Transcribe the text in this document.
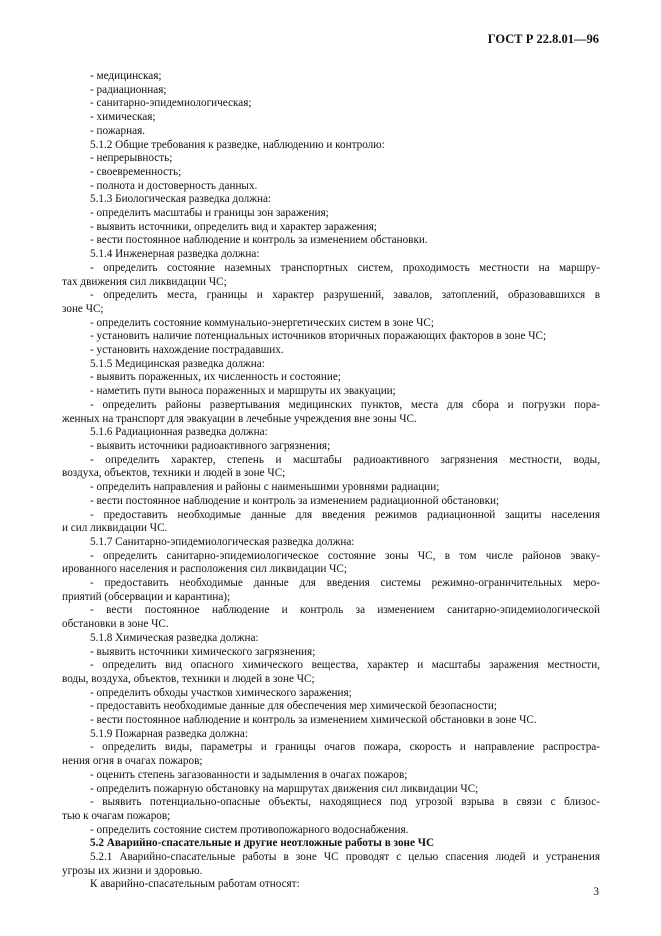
ГОСТ Р 22.8.01—96
- медицинская;
- радиационная;
- санитарно-эпидемиологическая;
- химическая;
- пожарная.
5.1.2 Общие требования к разведке, наблюдению и контролю:
- непрерывность;
- своевременность;
- полнота и достоверность данных.
5.1.3 Биологическая разведка должна:
- определить масштабы и границы зон заражения;
- выявить источники, определить вид и характер заражения;
- вести постоянное наблюдение и контроль за изменением обстановки.
5.1.4 Инженерная разведка должна:
- определить состояние наземных транспортных систем, проходимость местности на маршру-
тах движения сил ликвидации ЧС;
- определить места, границы и характер разрушений, завалов, затоплений, образовавшихся в
зоне ЧС;
- определить состояние коммунально-энергетических систем в зоне ЧС;
- установить наличие потенциальных источников вторичных поражающих факторов в зоне ЧС;
- установить нахождение пострадавших.
5.1.5 Медицинская разведка должна:
- выявить пораженных, их численность и состояние;
- наметить пути выноса пораженных и маршруты их эвакуации;
- определить районы развертывания медицинских пунктов, места для сбора и погрузки пора-
женных на транспорт для эвакуации в лечебные учреждения вне зоны ЧС.
5.1.6 Радиационная разведка должна:
- выявить источники радиоактивного загрязнения;
- определить характер, степень и масштабы радиоактивного загрязнения местности, воды,
воздуха, объектов, техники и людей в зоне ЧС;
- определить направления и районы с наименьшими уровнями радиации;
- вести постоянное наблюдение и контроль за изменением радиационной обстановки;
- предоставить необходимые данные для введения режимов радиационной защиты населения
и сил ликвидации ЧС.
5.1.7 Санитарно-эпидемиологическая разведка должна:
- определить санитарно-эпидемиологическое состояние зоны ЧС, в том числе районов эваку-
ированного населения и расположения сил ликвидации ЧС;
- предоставить необходимые данные для введения системы режимно-ограничительных меро-
приятий (обсервации и карантина);
- вести постоянное наблюдение и контроль за изменением санитарно-эпидемиологической
обстановки в зоне ЧС.
5.1.8 Химическая разведка должна:
- выявить источники химического загрязнения;
- определить вид опасного химического вещества, характер и масштабы заражения местности,
воды, воздуха, объектов, техники и людей в зоне ЧС;
- определить обходы участков химического заражения;
- предоставить необходимые данные для обеспечения мер химической безопасности;
- вести постоянное наблюдение и контроль за изменением химической обстановки в зоне ЧС.
5.1.9 Пожарная разведка должна:
- определить виды, параметры и границы очагов пожара, скорость и направление распростра-
нения огня в очагах пожаров;
- оценить степень загазованности и задымления в очагах пожаров;
- определить пожарную обстановку на маршрутах движения сил ликвидации ЧС;
- выявить потенциально-опасные объекты, находящиеся под угрозой взрыва в связи с близос-
тью к очагам пожаров;
- определить состояние систем противопожарного водоснабжения.
5.2 Аварийно-спасательные и другие неотложные работы в зоне ЧС
5.2.1 Аварийно-спасательные работы в зоне ЧС проводят с целью спасения людей и устранения
угрозы их жизни и здоровью.
К аварийно-спасательным работам относят:
3
